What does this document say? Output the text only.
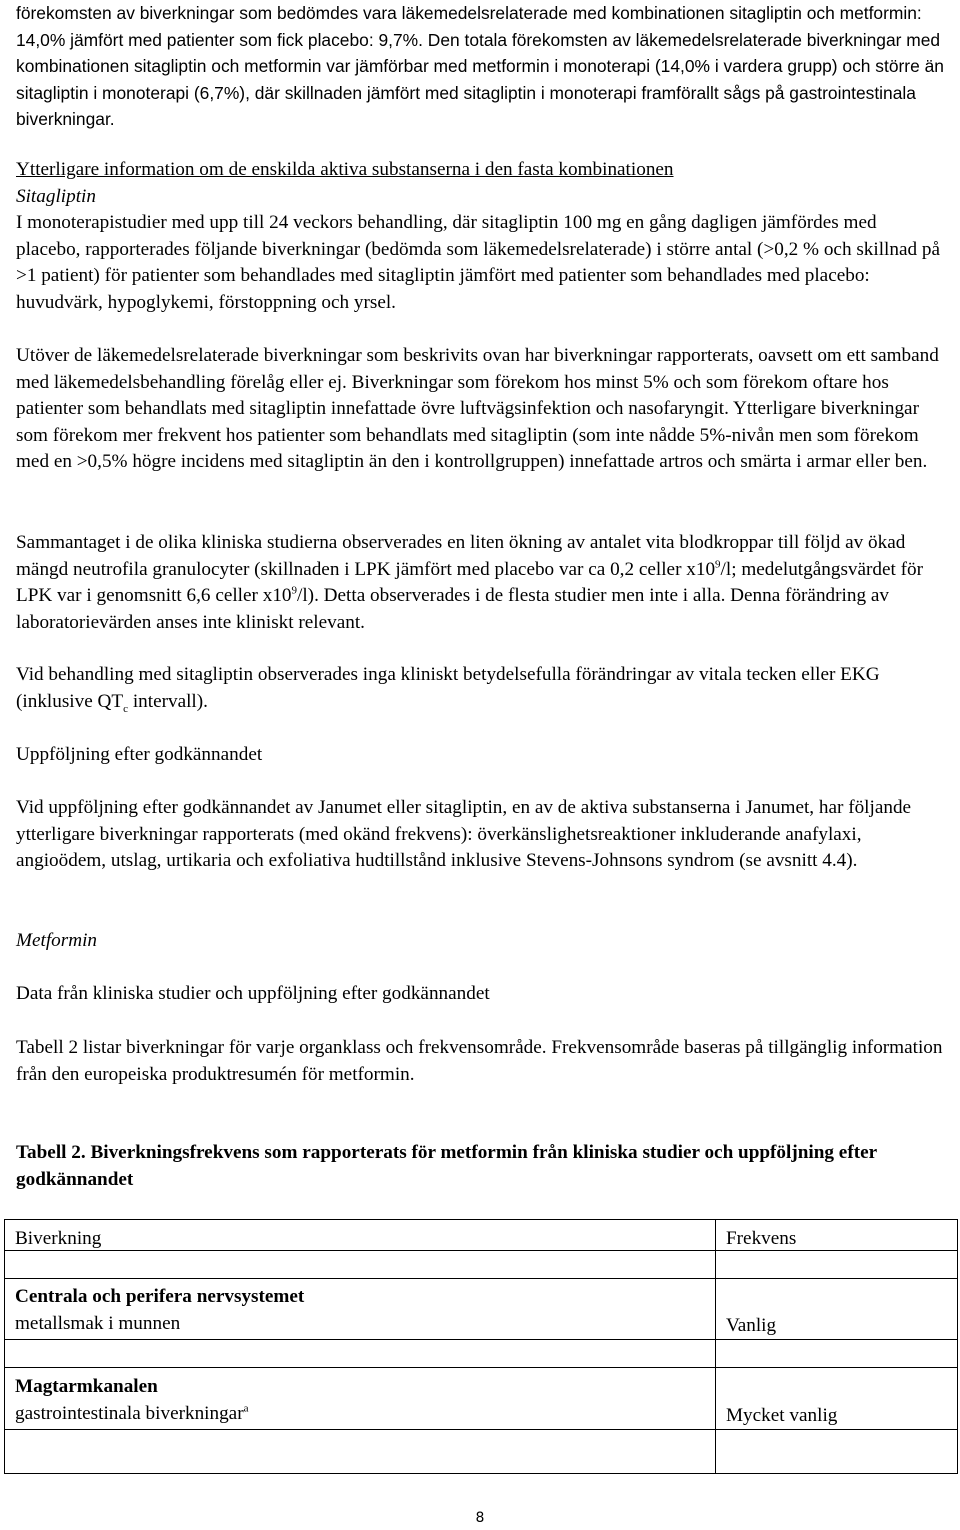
förekomsten av biverkningar som bedömdes vara läkemedelsrelaterade med kombinationen sitagliptin och metformin: 14,0% jämfört med patienter som fick placebo: 9,7%. Den totala förekomsten av läkemedelsrelaterade biverkningar med kombinationen sitagliptin och metformin var jämförbar med metformin i monoterapi (14,0% i vardera grupp) och större än sitagliptin i monoterapi (6,7%), där skillnaden jämfört med sitagliptin i monoterapi framförallt sågs på gastrointestinala biverkningar.

Ytterligare information om de enskilda aktiva substanserna i den fasta kombinationen

Sitagliptin

I monoterapistudier med upp till 24 veckors behandling, där sitagliptin 100 mg en gång dagligen jämfördes med placebo, rapporterades följande biverkningar (bedömda som läkemedelsrelaterade) i större antal (>0,2 % och skillnad på >1 patient) för patienter som behandlades med sitagliptin jämfört med patienter som behandlades med placebo: huvudvärk, hypoglykemi, förstoppning och yrsel.

Utöver de läkemedelsrelaterade biverkningar som beskrivits ovan har biverkningar rapporterats, oavsett om ett samband med läkemedelsbehandling förelåg eller ej. Biverkningar som förekom hos minst 5% och som förekom oftare hos patienter som behandlats med sitagliptin innefattade övre luftvägsinfektion och nasofaryngit. Ytterligare biverkningar som förekom mer frekvent hos patienter som behandlats med sitagliptin (som inte nådde 5%-nivån men som förekom med en >0,5% högre incidens med sitagliptin än den i kontrollgruppen) innefattade artros och smärta i armar eller ben.

Sammantaget i de olika kliniska studierna observerades en liten ökning av antalet vita blodkroppar till följd av ökad mängd neutrofila granulocyter (skillnaden i LPK jämfört med placebo var ca 0,2 celler $x10^9/l$; medelutgångsvärdet för LPK var i genomsnitt 6,6 celler $x10^9/l$). Detta observerades i de flesta studier men inte i alla. Denna förändring av laboratorievärden anses inte kliniskt relevant.

Vid behandling med sitagliptin observerades inga kliniskt betydelsefulla förändringar av vitala tecken eller EKG (inklusive $QT_c$ intervall).

Uppföljning efter godkännandet

Vid uppföljning efter godkännandet av Janumet eller sitagliptin, en av de aktiva substanserna i Janumet, har följande ytterligare biverkningar rapporterats (med okänd frekvens): överkänslighetsreaktioner inkluderande anafylaxi, angioödem, utslag, urtikaria och exfoliativa hudtillstånd inklusive Stevens-Johnsons syndrom (se avsnitt 4.4).

Metformin

Data från kliniska studier och uppföljning efter godkännandet

Tabell 2 listar biverkningar för varje organklass och frekvensområde. Frekvensområde baseras på tillgänglig information från den europeiska produktresumén för metformin.

Tabell 2. Biverkningsfrekvens som rapporterats för metformin från kliniska studier och uppföljning efter godkännandet

Biverkning	Frekvens

Centrala och perifera nervsystemet
metallsmak i munnen	Vanlig

Magtarmkanalen
gastrointestinala biverkningar$^a$	Mycket vanlig

8
